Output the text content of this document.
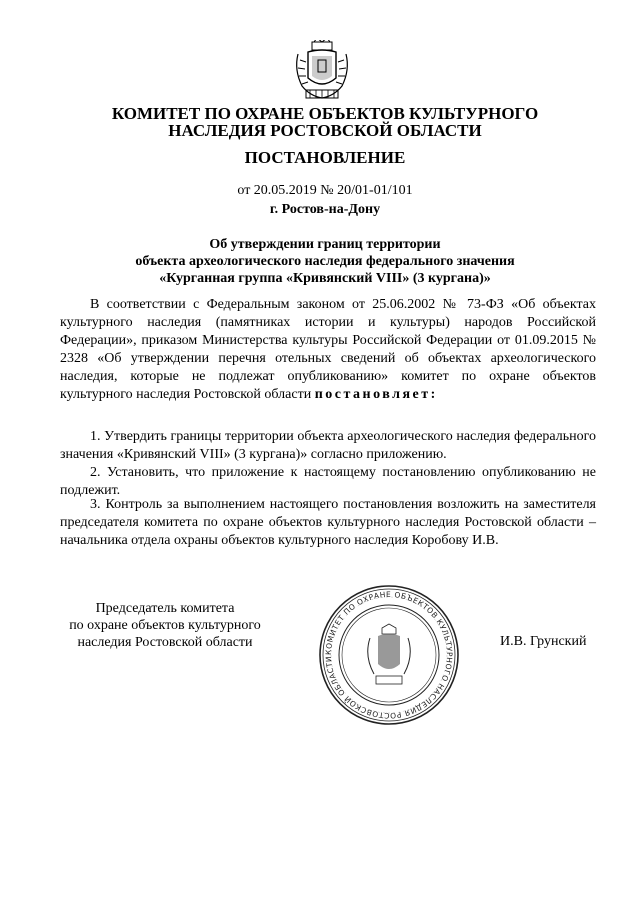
КОМИТЕТ ПО ОХРАНЕ ОБЪЕКТОВ КУЛЬТУРНОГО
НАСЛЕДИЯ РОСТОВСКОЙ ОБЛАСТИ
ПОСТАНОВЛЕНИЕ
от 20.05.2019 № 20/01-01/101
г. Ростов-на-Дону
Об утверждении границ территории
объекта археологического наследия федерального значения
«Курганная группа «Кривянский VIII» (3 кургана)»
В соответствии с Федеральным законом от 25.06.2002 № 73-ФЗ «Об объектах культурного наследия (памятниках истории и культуры) народов Российской Федерации», приказом Министерства культуры Российской Федерации от 01.09.2015 № 2328 «Об утверждении перечня отельных сведений об объектах археологического наследия, которые не подлежат опубликованию» комитет по охране объектов культурного наследия Ростовской области постановляет:
1. Утвердить границы территории объекта археологического наследия федерального значения «Кривянский VIII» (3 кургана)» согласно приложению.
2. Установить, что приложение к настоящему постановлению опубликованию не подлежит.
3. Контроль за выполнением настоящего постановления возложить на заместителя председателя комитета по охране объектов культурного наследия Ростовской области – начальника отдела охраны объектов культурного наследия Коробову И.В.
Председатель комитета
по охране объектов культурного
наследия Ростовской области
КОМИТЕТ ПО ОХРАНЕ ОБЪЕКТОВ КУЛЬТУРНОГО НАСЛЕДИЯ РОСТОВСКОЙ ОБЛАСТИ
И.В. Грунский
